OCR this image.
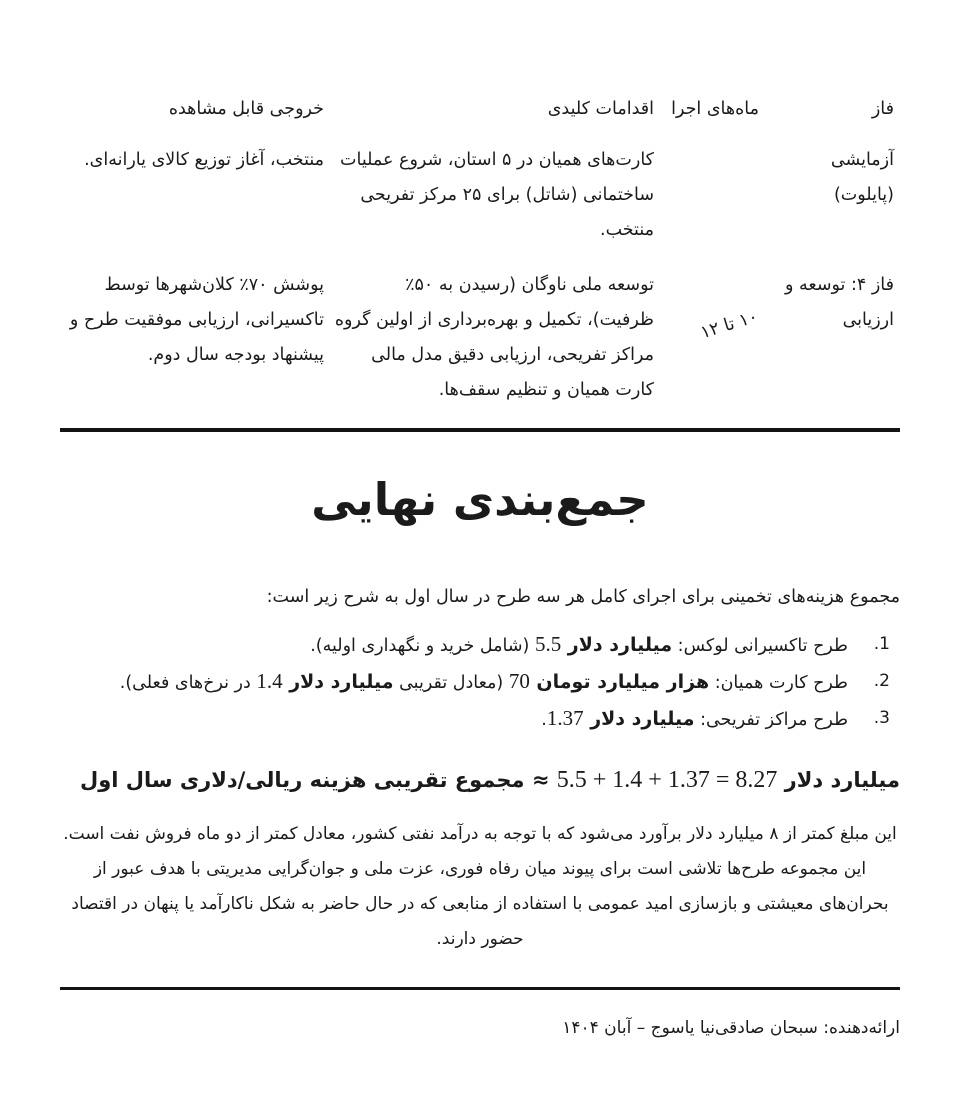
فاز	ماه‌های اجرا	اقدامات کلیدی	خروجی قابل مشاهده
آزمایشی (پایلوت)		کارت‌های همیان در ۵ استان، شروع عملیات ساختمانی (شاتل) برای ۲۵ مرکز تفریحی منتخب.	منتخب، آغاز توزیع کالای یارانه‌ای.
فاز ۴: توسعه و ارزیابی	۱۰ تا ۱۲	توسعه ملی ناوگان (رسیدن به ۵۰٪ ظرفیت)، تکمیل و بهره‌برداری از اولین گروه مراکز تفریحی، ارزیابی دقیق مدل مالی کارت همیان و تنظیم سقف‌ها.	پوشش ۷۰٪ کلان‌شهرها توسط تاکسیرانی، ارزیابی موفقیت طرح و پیشنهاد بودجه سال دوم.
جمع‌بندی نهایی
مجموع هزینه‌های تخمینی برای اجرای کامل هر سه طرح در سال اول به شرح زیر است:
1.
طرح تاکسیرانی لوکس: میلیارد دلار 5.5 (شامل خرید و نگهداری اولیه).
2.
طرح کارت همیان: هزار میلیارد تومان 70 (معادل تقریبی میلیارد دلار 1.4 در نرخ‌های فعلی).
3.
طرح مراکز تفریحی: میلیارد دلار 1.37.
میلیارد دلار 5.5 + 1.4 + 1.37 = 8.27 ≈ مجموع تقریبی هزینه ریالی/دلاری سال اول
این مبلغ کمتر از ۸ میلیارد دلار برآورد می‌شود که با توجه به درآمد نفتی کشور، معادل کمتر از دو ماه فروش نفت است. این مجموعه طرح‌ها تلاشی است برای پیوند میان رفاه فوری، عزت ملی و جوان‌گرایی مدیریتی با هدف عبور از بحران‌های معیشتی و بازسازی امید عمومی با استفاده از منابعی که در حال حاضر به شکل ناکارآمد یا پنهان در اقتصاد حضور دارند.
ارائه‌دهنده: سبحان صادقی‌نیا یاسوج – آبان ۱۴۰۴
